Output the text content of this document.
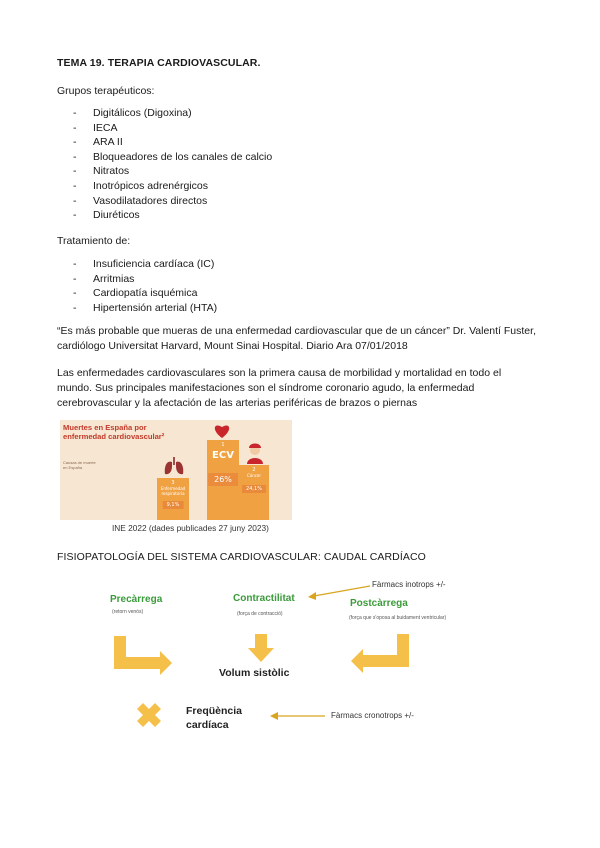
TEMA 19. TERAPIA CARDIOVASCULAR.
Grupos terapéuticos:
- Digitálicos (Digoxina)
- IECA
- ARA II
- Bloqueadores de los canales de calcio
- Nitratos
- Inotrópicos adrenérgicos
- Vasodilatadores directos
- Diuréticos
Tratamiento de:
- Insuficiencia cardíaca (IC)
- Arritmias
- Cardiopatía isquémica
- Hipertensión arterial (HTA)
“Es más probable que mueras de una enfermedad cardiovascular que de un cáncer” Dr. Valentí Fuster, cardiólogo Universitat Harvard, Mount Sinai Hospital. Diario Ara 07/01/2018
Las enfermedades cardiovasculares son la primera causa de morbilidad y mortalidad en todo el mundo. Sus principales manifestaciones son el síndrome coronario agudo, la enfermedad cerebrovascular y la afectación de las arterias periféricas de brazos o piernas
Muertes en España por enfermedad cardiovascular²
Causas de muerte
en España
1
ECV
26%
2
Cáncer
24,1%
3
Enfermedad respiratoria
9,1%
INE 2022 (dades publicades 27 juny 2023)
FISIOPATOLOGÍA DEL SISTEMA CARDIOVASCULAR: CAUDAL CARDÍACO
Precàrrega
(retorn venós)
Contractilitat
(força de contracció)
Fàrmacs inotrops +/-
Postcàrrega
(força que s'oposa al buidament ventricular)
Volum sistòlic
Freqüència cardíaca
Fàrmacs cronotrops +/-
